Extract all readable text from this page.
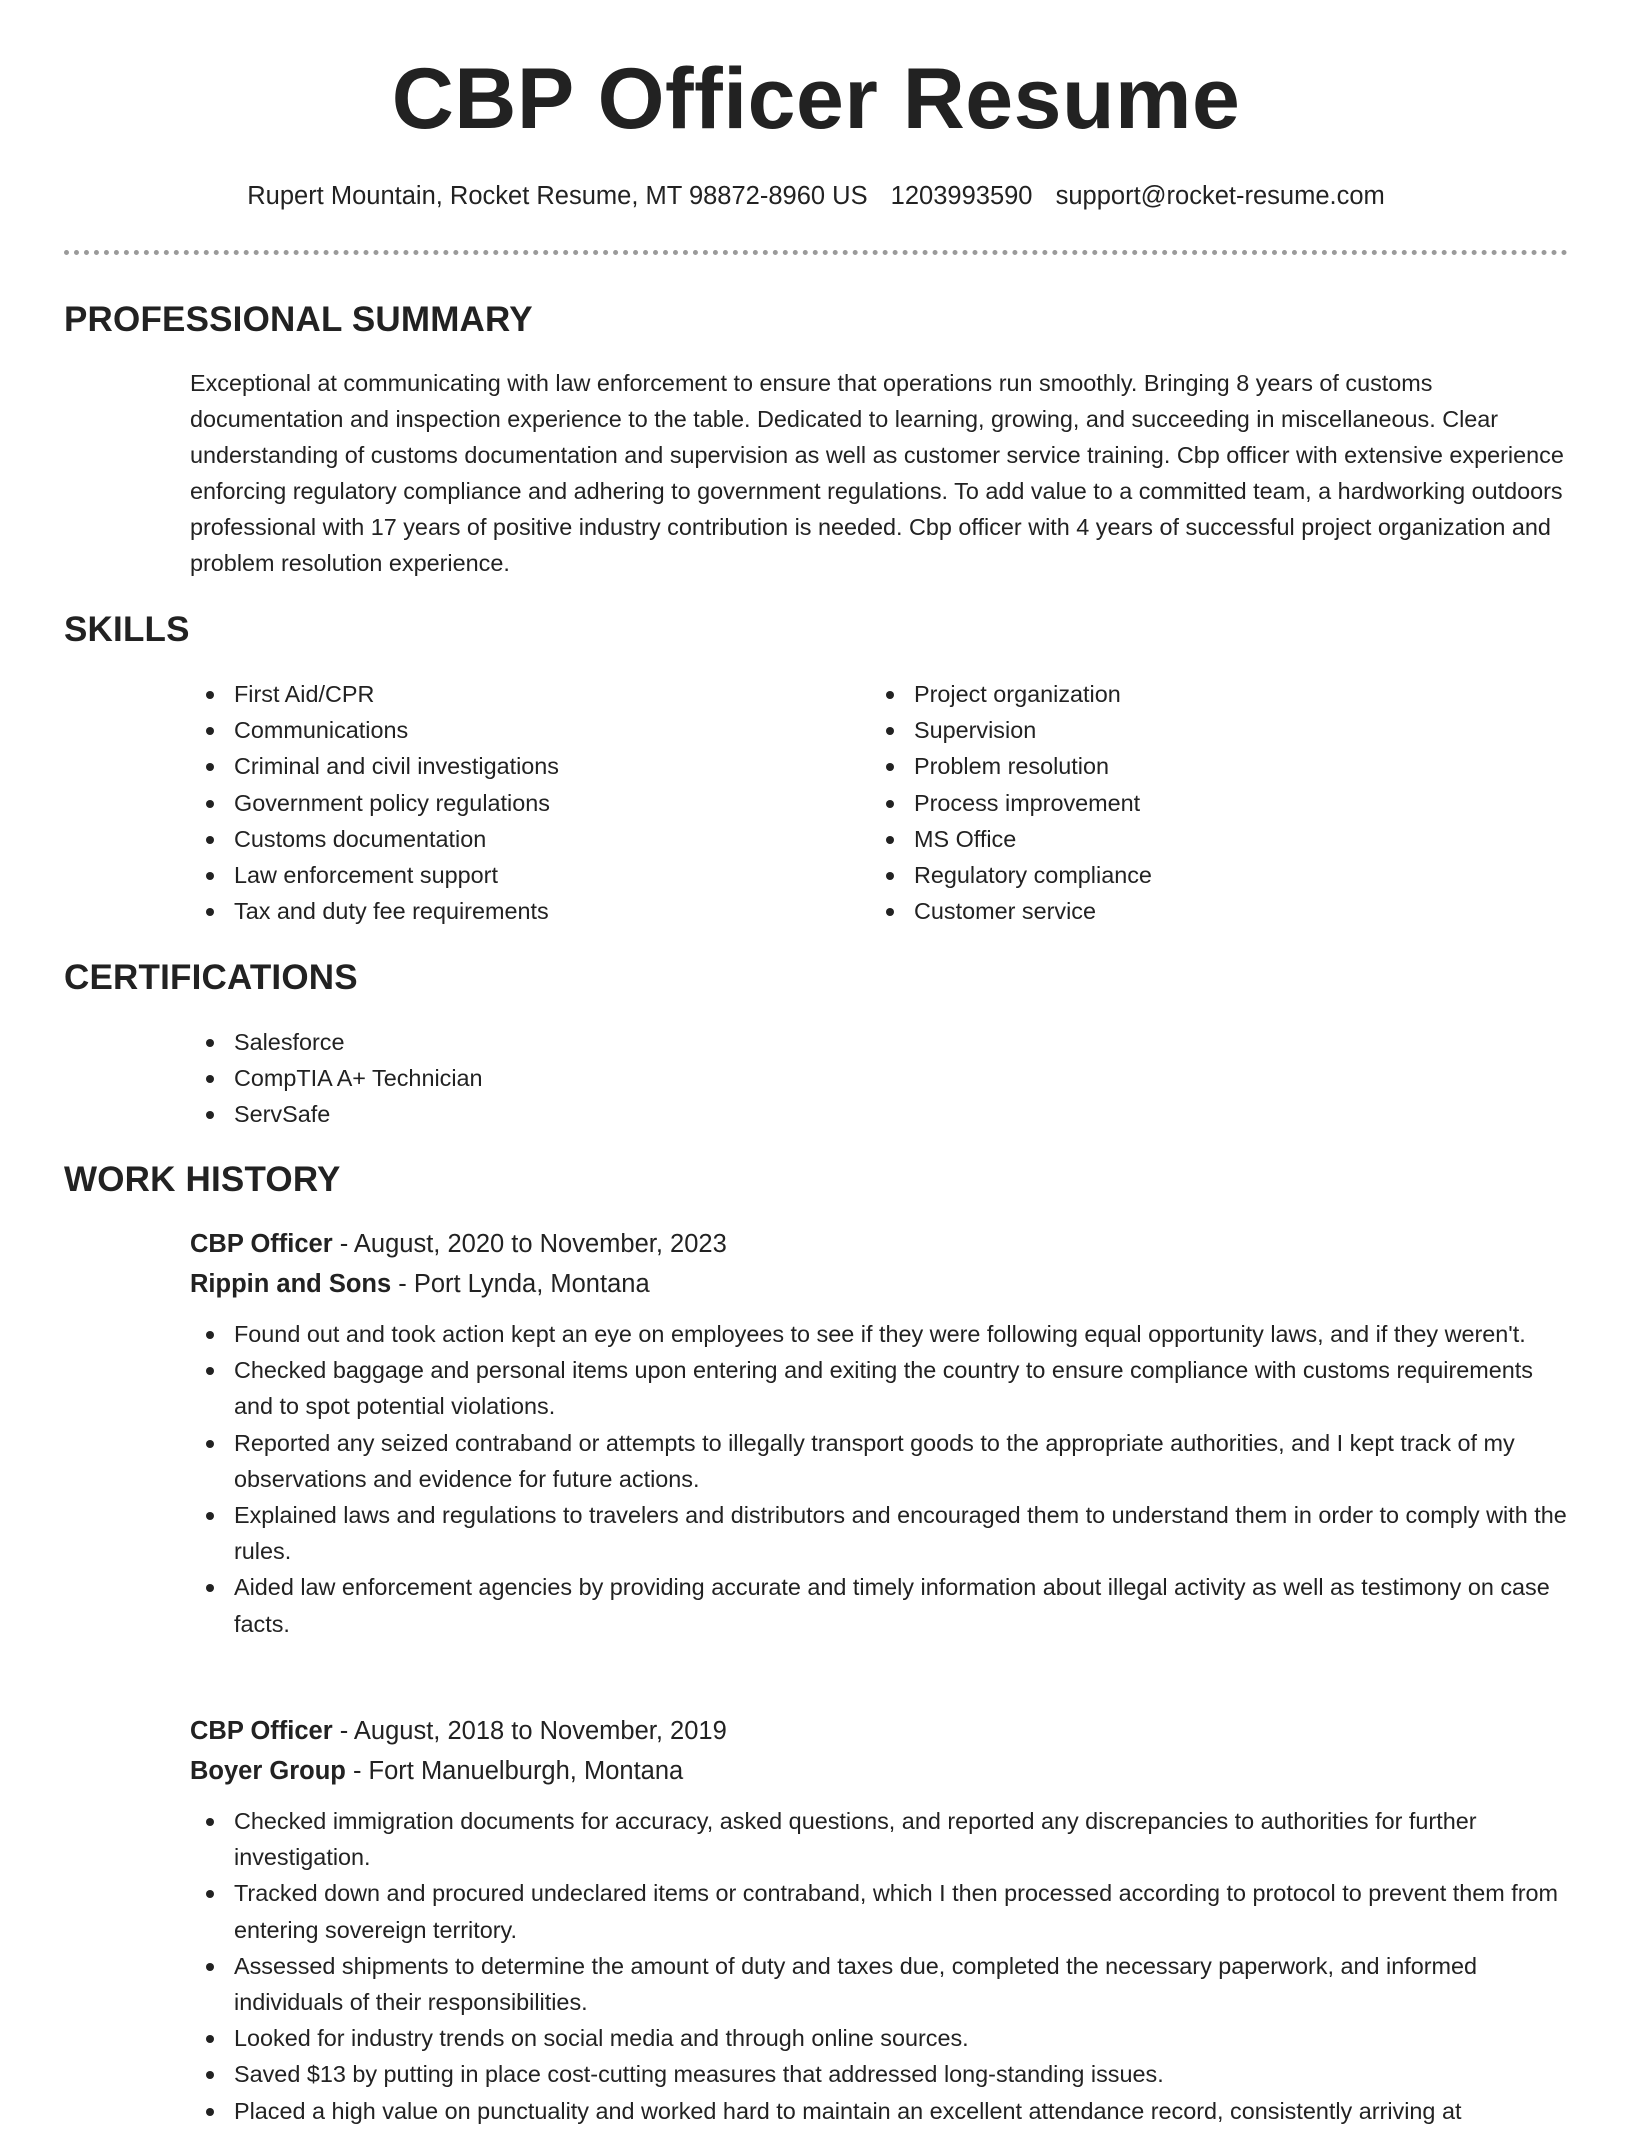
CBP Officer Resume
Rupert Mountain, Rocket Resume, MT 98872-8960 US 1203993590 support@rocket-resume.com
PROFESSIONAL SUMMARY

Exceptional at communicating with law enforcement to ensure that operations run smoothly. Bringing 8 years of customs documentation and inspection experience to the table. Dedicated to learning, growing, and succeeding in miscellaneous. Clear understanding of customs documentation and supervision as well as customer service training. Cbp officer with extensive experience enforcing regulatory compliance and adhering to government regulations. To add value to a committed team, a hardworking outdoors professional with 17 years of positive industry contribution is needed. Cbp officer with 4 years of successful project organization and problem resolution experience.

SKILLS
First Aid/CPR
Communications
Criminal and civil investigations
Government policy regulations
Customs documentation
Law enforcement support
Tax and duty fee requirements
Project organization
Supervision
Problem resolution
Process improvement
MS Office
Regulatory compliance
Customer service
CERTIFICATIONS
Salesforce
CompTIA A+ Technician
ServSafe
WORK HISTORY
CBP Officer - August, 2020 to November, 2023
Rippin and Sons - Port Lynda, Montana
Found out and took action kept an eye on employees to see if they were following equal opportunity laws, and if they weren't.
Checked baggage and personal items upon entering and exiting the country to ensure compliance with customs requirements and to spot potential violations.
Reported any seized contraband or attempts to illegally transport goods to the appropriate authorities, and I kept track of my observations and evidence for future actions.
Explained laws and regulations to travelers and distributors and encouraged them to understand them in order to comply with the rules.
Aided law enforcement agencies by providing accurate and timely information about illegal activity as well as testimony on case facts.
CBP Officer - August, 2018 to November, 2019
Boyer Group - Fort Manuelburgh, Montana
Checked immigration documents for accuracy, asked questions, and reported any discrepancies to authorities for further investigation.
Tracked down and procured undeclared items or contraband, which I then processed according to protocol to prevent them from entering sovereign territory.
Assessed shipments to determine the amount of duty and taxes due, completed the necessary paperwork, and informed individuals of their responsibilities.
Looked for industry trends on social media and through online sources.
Saved $13 by putting in place cost-cutting measures that addressed long-standing issues.
Placed a high value on punctuality and worked hard to maintain an excellent attendance record, consistently arriving at
